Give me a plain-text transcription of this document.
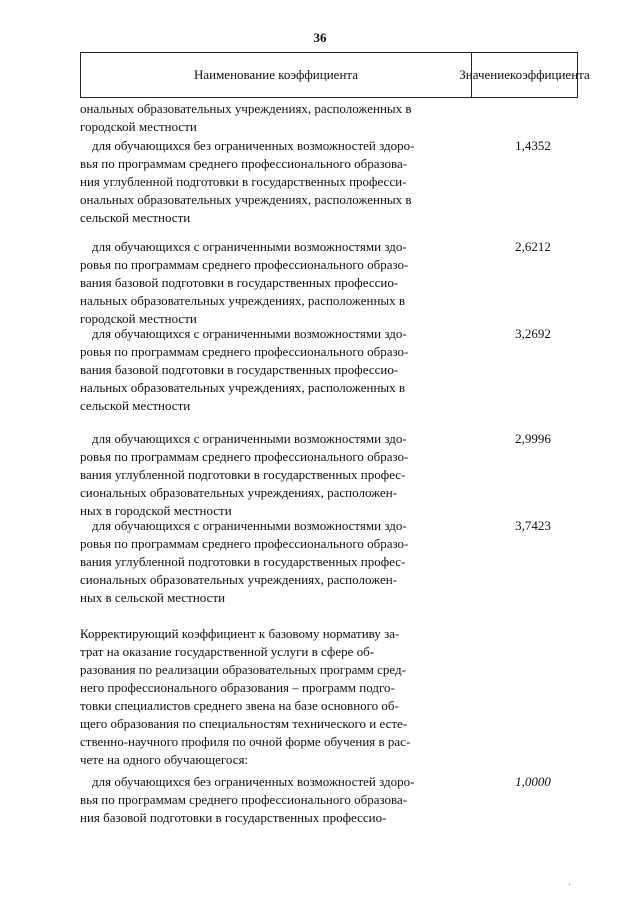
36
Наименование коэффициента	Значение коэффициента
ональных образовательных учреждениях, расположенных в
городской местности
для обучающихся без ограниченных возможностей здоро-
вья по программам среднего профессионального образова-
ния углубленной подготовки в государственных професси-
ональных образовательных учреждениях, расположенных в
сельской местности
1,4352
для обучающихся с ограниченными возможностями здо-
ровья по программам среднего профессионального образо-
вания базовой подготовки в государственных профессио-
нальных образовательных учреждениях, расположенных в
городской местности
2,6212
для обучающихся с ограниченными возможностями здо-
ровья по программам среднего профессионального образо-
вания базовой подготовки в государственных профессио-
нальных образовательных учреждениях, расположенных в
сельской местности
3,2692
для обучающихся с ограниченными возможностями здо-
ровья по программам среднего профессионального образо-
вания углубленной подготовки в государственных профес-
сиональных образовательных учреждениях, расположен-
ных в городской местности
2,9996
для обучающихся с ограниченными возможностями здо-
ровья по программам среднего профессионального образо-
вания углубленной подготовки в государственных профес-
сиональных образовательных учреждениях, расположен-
ных в сельской местности
3,7423
Корректирующий коэффициент к базовому нормативу за-
трат на оказание государственной услуги в сфере об-
разования по реализации образовательных программ сред-
него профессионального образования – программ подго-
товки специалистов среднего звена на базе основного об-
щего образования по специальностям технического и есте-
ственно-научного профиля по очной форме обучения в рас-
чете на одного обучающегося:
для обучающихся без ограниченных возможностей здоро-
вья по программам среднего профессионального образова-
ния базовой подготовки в государственных профессио-
1,0000
·
